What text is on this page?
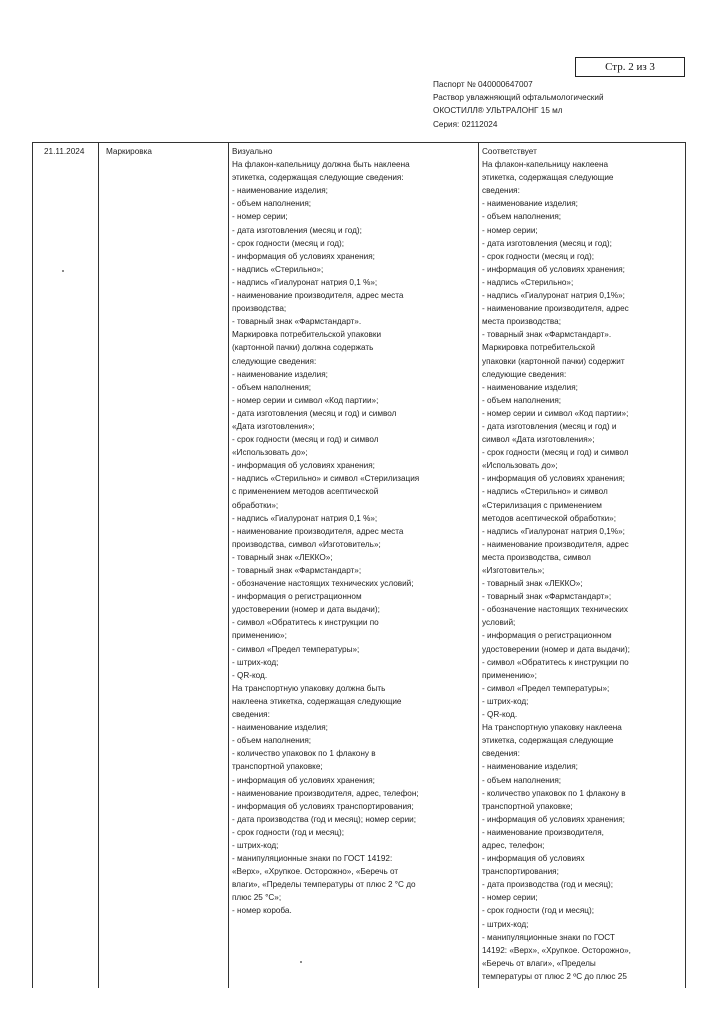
Стр. 2 из 3
Паспорт № 040000647007
Раствор увлажняющий офтальмологический
ОКОСТИЛЛ® УЛЬТРАЛОНГ 15 мл
Серия: 02112024
21.11.2024	Маркировка	Визуально
На флакон-капельницу должна быть наклеена
этикетка, содержащая следующие сведения:
- наименование изделия;
- объем наполнения;
- номер серии;
- дата изготовления (месяц и год);
- срок годности (месяц и год);
- информация об условиях хранения;
- надпись «Стерильно»;
- надпись «Гиалуронат натрия 0,1 %»;
- наименование производителя, адрес места
производства;
- товарный знак «Фармстандарт».
Маркировка потребительской упаковки
(картонной пачки) должна содержать
следующие сведения:
- наименование изделия;
- объем наполнения;
- номер серии и символ «Код партии»;
- дата изготовления (месяц и год) и символ
«Дата изготовления»;
- срок годности (месяц и год) и символ
«Использовать до»;
- информация об условиях хранения;
- надпись «Стерильно» и символ «Стерилизация
с применением методов асептической
обработки»;
- надпись «Гиалуронат натрия 0,1 %»;
- наименование производителя, адрес места
производства, символ «Изготовитель»;
- товарный знак «ЛЕККО»;
- товарный знак «Фармстандарт»;
- обозначение настоящих технических условий;
- информация о регистрационном
удостоверении (номер и дата выдачи);
- символ «Обратитесь к инструкции по
применению»;
- символ «Предел температуры»;
- штрих-код;
- QR-код.
На транспортную упаковку должна быть
наклеена этикетка, содержащая следующие
сведения:
- наименование изделия;
- объем наполнения;
- количество упаковок по 1 флакону в
транспортной упаковке;
- информация об условиях хранения;
- наименование производителя, адрес, телефон;
- информация об условиях транспортирования;
- дата производства (год и месяц); номер серии;
- срок годности (год и месяц);
- штрих-код;
- манипуляционные знаки по ГОСТ 14192:
«Верх», «Хрупкое. Осторожно», «Беречь от
влаги», «Пределы температуры от плюс 2 °С до
плюс 25 °С»;
- номер короба.
Соответствует
На флакон-капельницу наклеена
этикетка, содержащая следующие
сведения:
- наименование изделия;
- объем наполнения;
- номер серии;
- дата изготовления (месяц и год);
- срок годности (месяц и год);
- информация об условиях хранения;
- надпись «Стерильно»;
- надпись «Гиалуронат натрия 0,1%»;
- наименование производителя, адрес
места производства;
- товарный знак «Фармстандарт».
Маркировка потребительской
упаковки (картонной пачки) содержит
следующие сведения:
- наименование изделия;
- объем наполнения;
- номер серии и символ «Код партии»;
- дата изготовления (месяц и год) и
символ «Дата изготовления»;
- срок годности (месяц и год) и символ
«Использовать до»;
- информация об условиях хранения;
- надпись «Стерильно» и символ
«Стерилизация с применением
методов асептической обработки»;
- надпись «Гиалуронат натрия 0,1%»;
- наименование производителя, адрес
места производства, символ
«Изготовитель»;
- товарный знак «ЛЕККО»;
- товарный знак «Фармстандарт»;
- обозначение настоящих технических
условий;
- информация о регистрационном
удостоверении (номер и дата выдачи);
- символ «Обратитесь к инструкции по
применению»;
- символ «Предел температуры»;
- штрих-код;
- QR-код.
На транспортную упаковку наклеена
этикетка, содержащая следующие
сведения:
- наименование изделия;
- объем наполнения;
- количество упаковок по 1 флакону в
транспортной упаковке;
- информация об условиях хранения;
- наименование производителя,
адрес, телефон;
- информация об условиях
транспортирования;
- дата производства (год и месяц);
- номер серии;
- срок годности (год и месяц);
- штрих-код;
- манипуляционные знаки по ГОСТ
14192: «Верх», «Хрупкое. Осторожно»,
«Беречь от влаги», «Пределы
температуры от плюс 2 ºС до плюс 25
